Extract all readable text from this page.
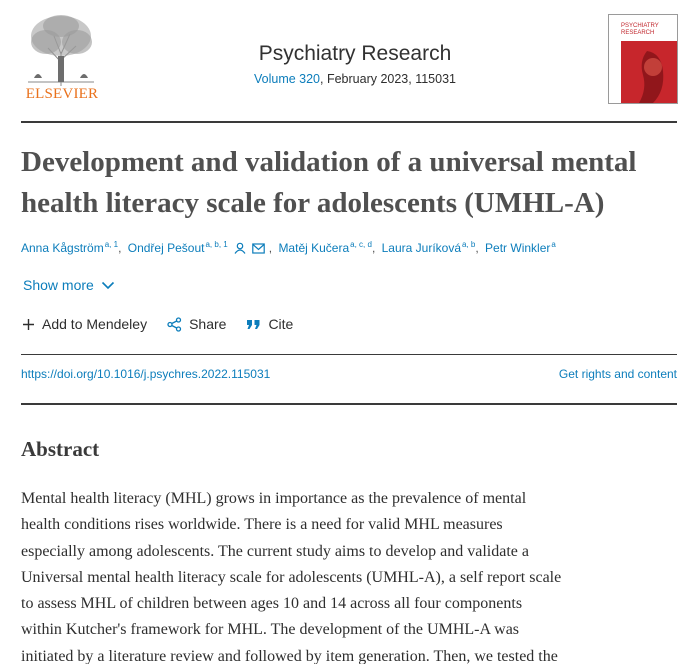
ELSEVIER
Psychiatry Research
Volume 320, February 2023, 115031
PSYCHIATRY
RESEARCH
Development and validation of a universal mental health literacy scale for adolescents (UMHL-A)
Anna Kågström$^{a, 1}$, Ondřej Pešout$^{a, b, 1}$	, Matěj Kučera$^{a, c, d}$, Laura Juríková$^{a, b}$, Petr Winkler$^a$
Show more
Add to Mendeley	Share	Cite
https://doi.org/10.1016/j.psychres.2022.115031	Get rights and content
Abstract
Mental health literacy (MHL) grows in importance as the prevalence of mental
health conditions rises worldwide. There is a need for valid MHL measures
especially among adolescents. The current study aims to develop and validate a
Universal mental health literacy scale for adolescents (UMHL-A), a self report scale
to assess MHL of children between ages 10 and 14 across all four components
within Kutcher's framework for MHL. The development of the UMHL-A was
initiated by a literature review and followed by item generation. Then, we tested the
